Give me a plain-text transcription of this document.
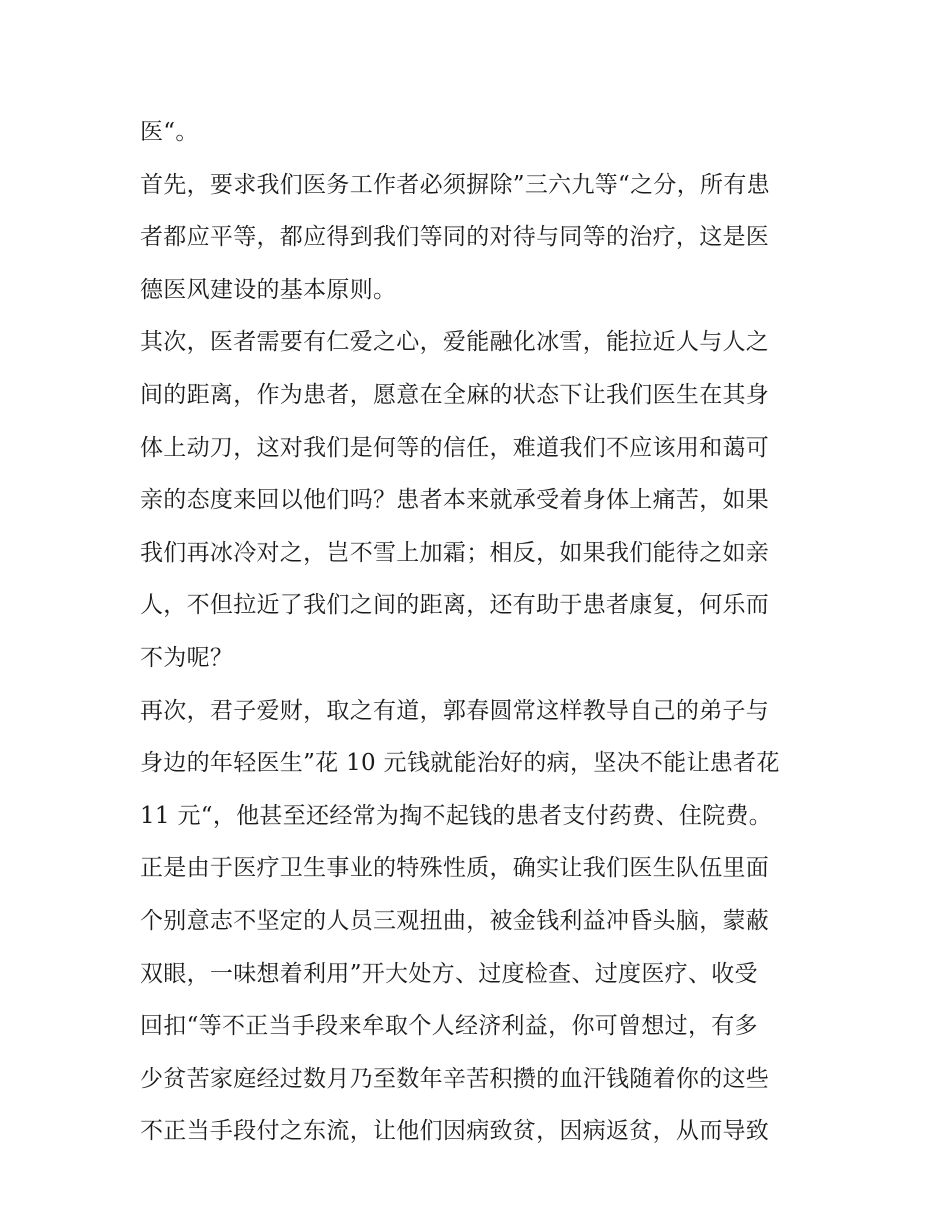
医“。
首先，要求我们医务工作者必须摒除”三六九等“之分，所有患
者都应平等，都应得到我们等同的对待与同等的治疗，这是医
德医风建设的基本原则。
其次，医者需要有仁爱之心，爱能融化冰雪，能拉近人与人之
间的距离，作为患者，愿意在全麻的状态下让我们医生在其身
体上动刀，这对我们是何等的信任，难道我们不应该用和蔼可
亲的态度来回以他们吗？患者本来就承受着身体上痛苦，如果
我们再冰冷对之，岂不雪上加霜；相反，如果我们能待之如亲
人，不但拉近了我们之间的距离，还有助于患者康复，何乐而
不为呢？
再次，君子爱财，取之有道，郭春圆常这样教导自己的弟子与
身边的年轻医生”花 10 元钱就能治好的病，坚决不能让患者花
11 元“，他甚至还经常为掏不起钱的患者支付药费、住院费。
正是由于医疗卫生事业的特殊性质，确实让我们医生队伍里面
个别意志不坚定的人员三观扭曲，被金钱利益冲昏头脑，蒙蔽
双眼，一味想着利用”开大处方、过度检查、过度医疗、收受
回扣“等不正当手段来牟取个人经济利益，你可曾想过，有多
少贫苦家庭经过数月乃至数年辛苦积攒的血汗钱随着你的这些
不正当手段付之东流，让他们因病致贫，因病返贫，从而导致
